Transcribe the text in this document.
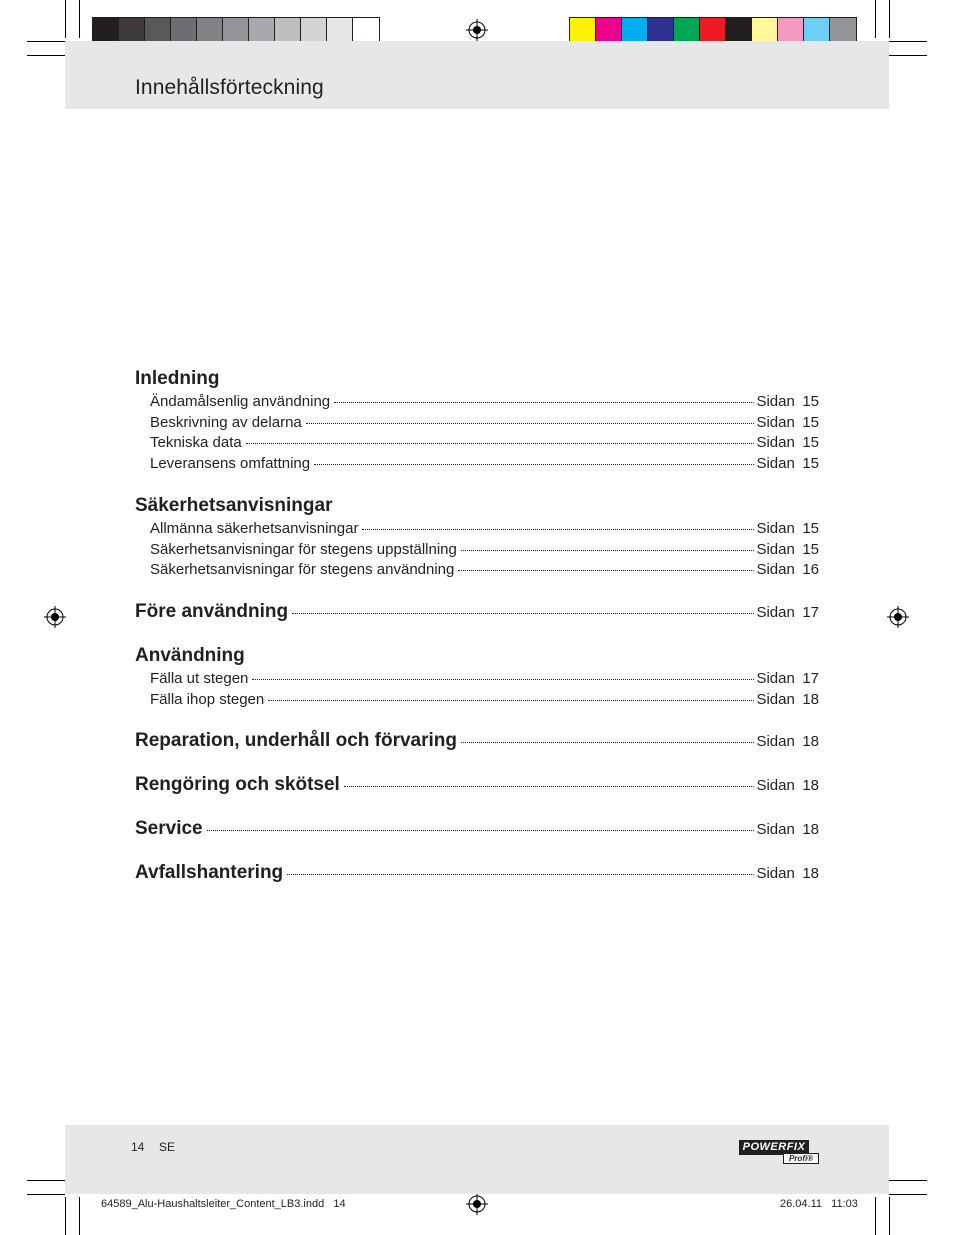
Innehållsförteckning
Inledning
Ändamålsenlig användning	Sidan 15
Beskrivning av delarna	Sidan 15
Tekniska data	Sidan 15
Leveransens omfattning	Sidan 15
Säkerhetsanvisningar
Allmänna säkerhetsanvisningar	Sidan 15
Säkerhetsanvisningar för stegens uppställning	Sidan 15
Säkerhetsanvisningar för stegens användning	Sidan 16
Före användning	Sidan 17
Användning
Fälla ut stegen	Sidan 17
Fälla ihop stegen	Sidan 18
Reparation, underhåll och förvaring	Sidan 18
Rengöring och skötsel	Sidan 18
Service	Sidan 18
Avfallshantering	Sidan 18
14 SE	POWERFIX
Profi®
64589_Alu-Haushaltsleiter_Content_LB3.indd   14	26.04.11   11:03
